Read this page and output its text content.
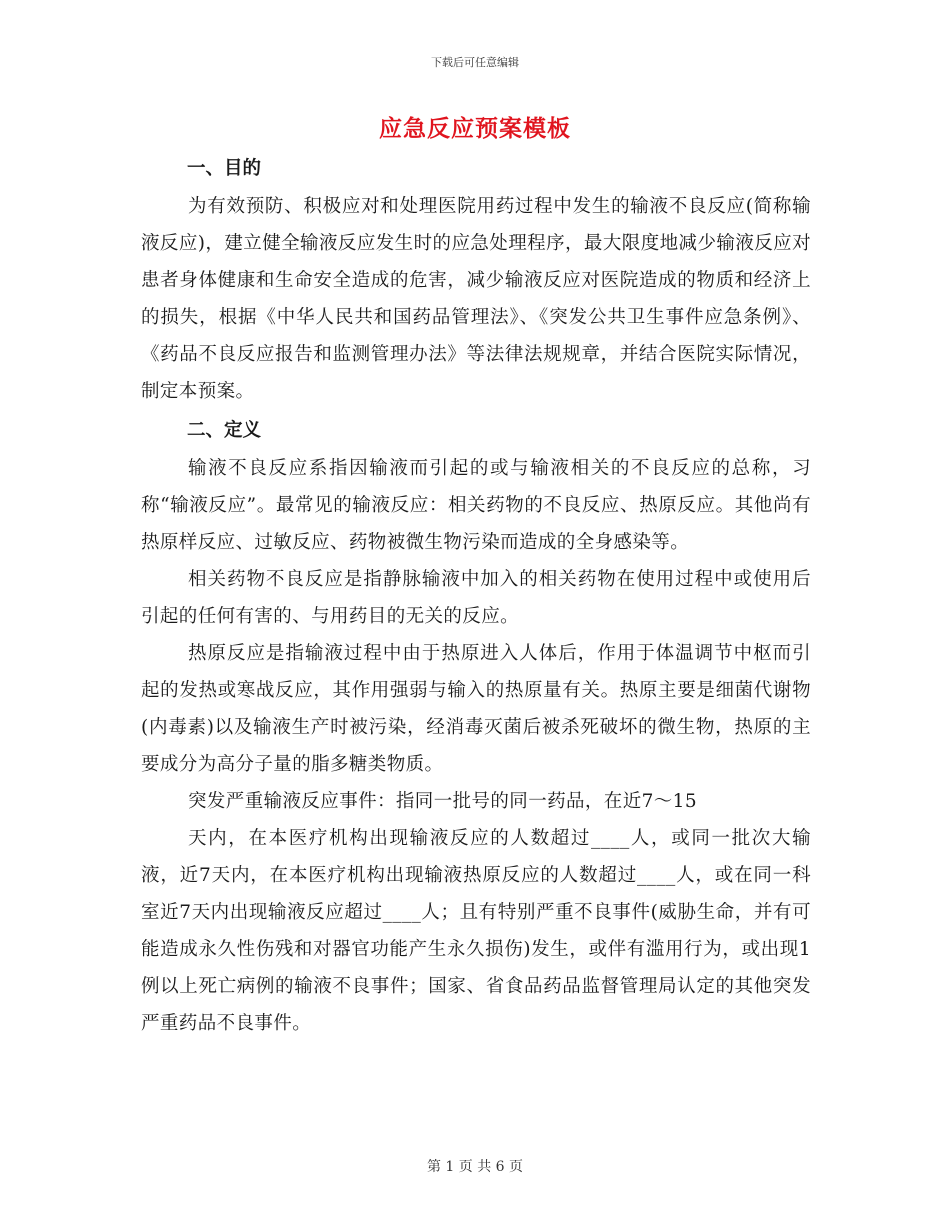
下载后可任意编辑
应急反应预案模板
一、目的

为有效预防、积极应对和处理医院用药过程中发生的输液不良反应(简称输液反应)，建立健全输液反应发生时的应急处理程序，最大限度地减少输液反应对患者身体健康和生命安全造成的危害，减少输液反应对医院造成的物质和经济上的损失，根据《中华人民共和国药品管理法》、《突发公共卫生事件应急条例》、《药品不良反应报告和监测管理办法》等法律法规规章，并结合医院实际情况，制定本预案。

二、定义

输液不良反应系指因输液而引起的或与输液相关的不良反应的总称，习称“输液反应”。最常见的输液反应：相关药物的不良反应、热原反应。其他尚有热原样反应、过敏反应、药物被微生物污染而造成的全身感染等。

相关药物不良反应是指静脉输液中加入的相关药物在使用过程中或使用后引起的任何有害的、与用药目的无关的反应。

热原反应是指输液过程中由于热原进入人体后，作用于体温调节中枢而引起的发热或寒战反应，其作用强弱与输入的热原量有关。热原主要是细菌代谢物(内毒素)以及输液生产时被污染，经消毒灭菌后被杀死破坏的微生物，热原的主要成分为高分子量的脂多糖类物质。

突发严重输液反应事件：指同一批号的同一药品，在近7～15

天内，在本医疗机构出现输液反应的人数超过____人，或同一批次大输液，近7天内，在本医疗机构出现输液热原反应的人数超过____人，或在同一科室近7天内出现输液反应超过____人；且有特别严重不良事件(威胁生命，并有可能造成永久性伤残和对器官功能产生永久损伤)发生，或伴有滥用行为，或出现1例以上死亡病例的输液不良事件；国家、省食品药品监督管理局认定的其他突发严重药品不良事件。

第 1 页 共 6 页
